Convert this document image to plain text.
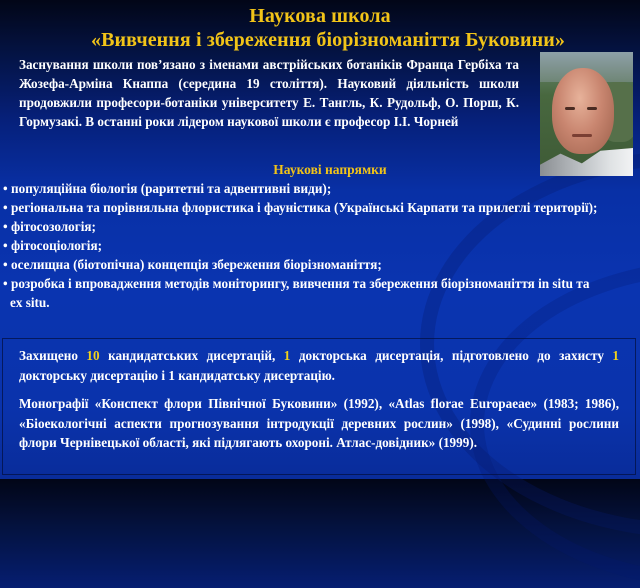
Наукова школа
«Вивчення і збереження біорізноманіття Буковини»
Заснування школи пов’язано з іменами австрійських ботаніків Франца Гербіха та Жозефа-Арміна Кнаппа (середина 19 століття). Науковий діяльність школи продовжили професори-ботаніки університету Е. Тангль, К. Рудольф, О. Порш, К. Гормузакі. В останні роки лідером наукової школи є професор І.І. Чорней
Наукові напрямки
• популяційна біологія (раритетні та адвентивні види);
• регіональна та порівняльна флористика і фауністика (Українські Карпати та прилеглі території);
• фітосозологія;
• фітосоціологія;
• оселищна (біотопічна) концепція збереження біорізноманіття;
• розробка і впровадження методів моніторингу, вивчення та збереження біорізноманіття in situ та ex situ.
Захищено 10 кандидатських дисертацій, 1 докторська дисертація, підготовлено до захисту 1 докторську дисертацію і 1 кандидатську дисертацію.
Монографії «Конспект флори Північної Буковини» (1992), «Atlas florae Europaeae» (1983; 1986), «Біоекологічні аспекти прогнозування інтродукції деревних рослин» (1998), «Судинні рослини флори Чернівецької області, які підлягають охороні. Атлас-довідник» (1999).
